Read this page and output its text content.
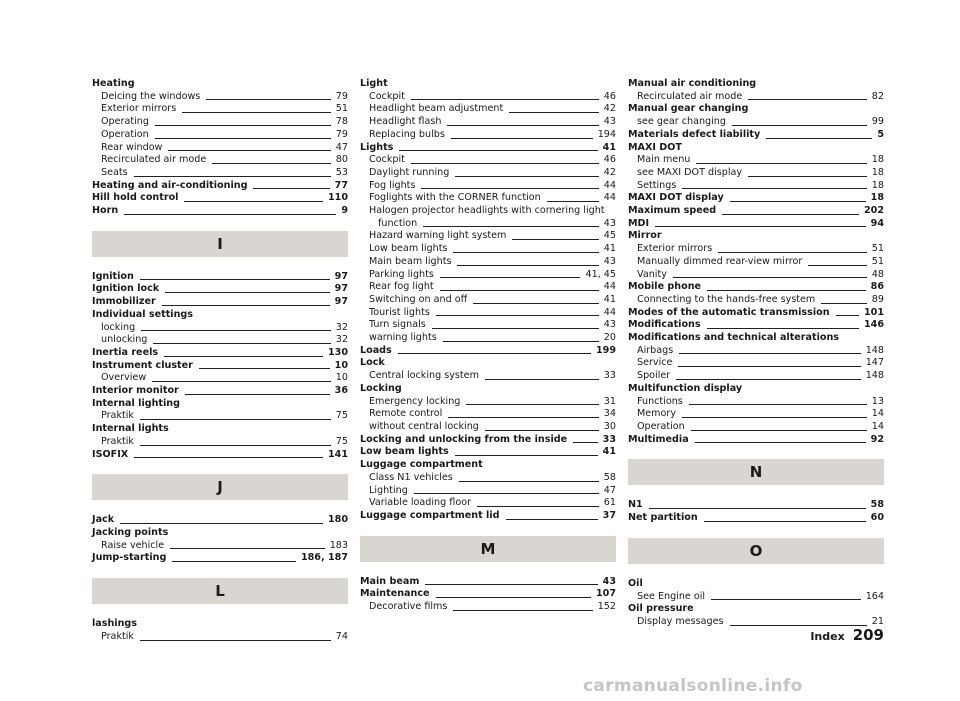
Heating
Deicing the windows	79
Exterior mirrors	51
Operating	78
Operation	79
Rear window	47
Recirculated air mode	80
Seats	53
Heating and air-conditioning	77
Hill hold control	110
Horn	9
I
Ignition	97
Ignition lock	97
Immobilizer	97
Individual settings
locking	32
unlocking	32
Inertia reels	130
Instrument cluster	10
Overview	10
Interior monitor	36
Internal lighting
Praktik	75
Internal lights
Praktik	75
ISOFIX	141
J
Jack	180
Jacking points
Raise vehicle	183
Jump-starting	186, 187
L
lashings
Praktik	74
Light
Cockpit	46
Headlight beam adjustment	42
Headlight flash	43
Replacing bulbs	194
Lights	41
Cockpit	46
Daylight running	42
Fog lights	44
Foglights with the CORNER function	44
Halogen projector headlights with cornering light
function	43
Hazard warning light system	45
Low beam lights	41
Main beam lights	43
Parking lights	41, 45
Rear fog light	44
Switching on and off	41
Tourist lights	44
Turn signals	43
warning lights	20
Loads	199
Lock
Central locking system	33
Locking
Emergency locking	31
Remote control	34
without central locking	30
Locking and unlocking from the inside	33
Low beam lights	41
Luggage compartment
Class N1 vehicles	58
Lighting	47
Variable loading floor	61
Luggage compartment lid	37
M
Main beam	43
Maintenance	107
Decorative films	152
Manual air conditioning
Recirculated air mode	82
Manual gear changing
see gear changing	99
Materials defect liability	5
MAXI DOT
Main menu	18
see MAXI DOT display	18
Settings	18
MAXI DOT display	18
Maximum speed	202
MDI	94
Mirror
Exterior mirrors	51
Manually dimmed rear-view mirror	51
Vanity	48
Mobile phone	86
Connecting to the hands-free system	89
Modes of the automatic transmission	101
Modifications	146
Modifications and technical alterations
Airbags	148
Service	147
Spoiler	148
Multifunction display
Functions	13
Memory	14
Operation	14
Multimedia	92
N
N1	58
Net partition	60
O
Oil
See Engine oil	164
Oil pressure
Display messages	21
Index 209
carmanualsonline.info
